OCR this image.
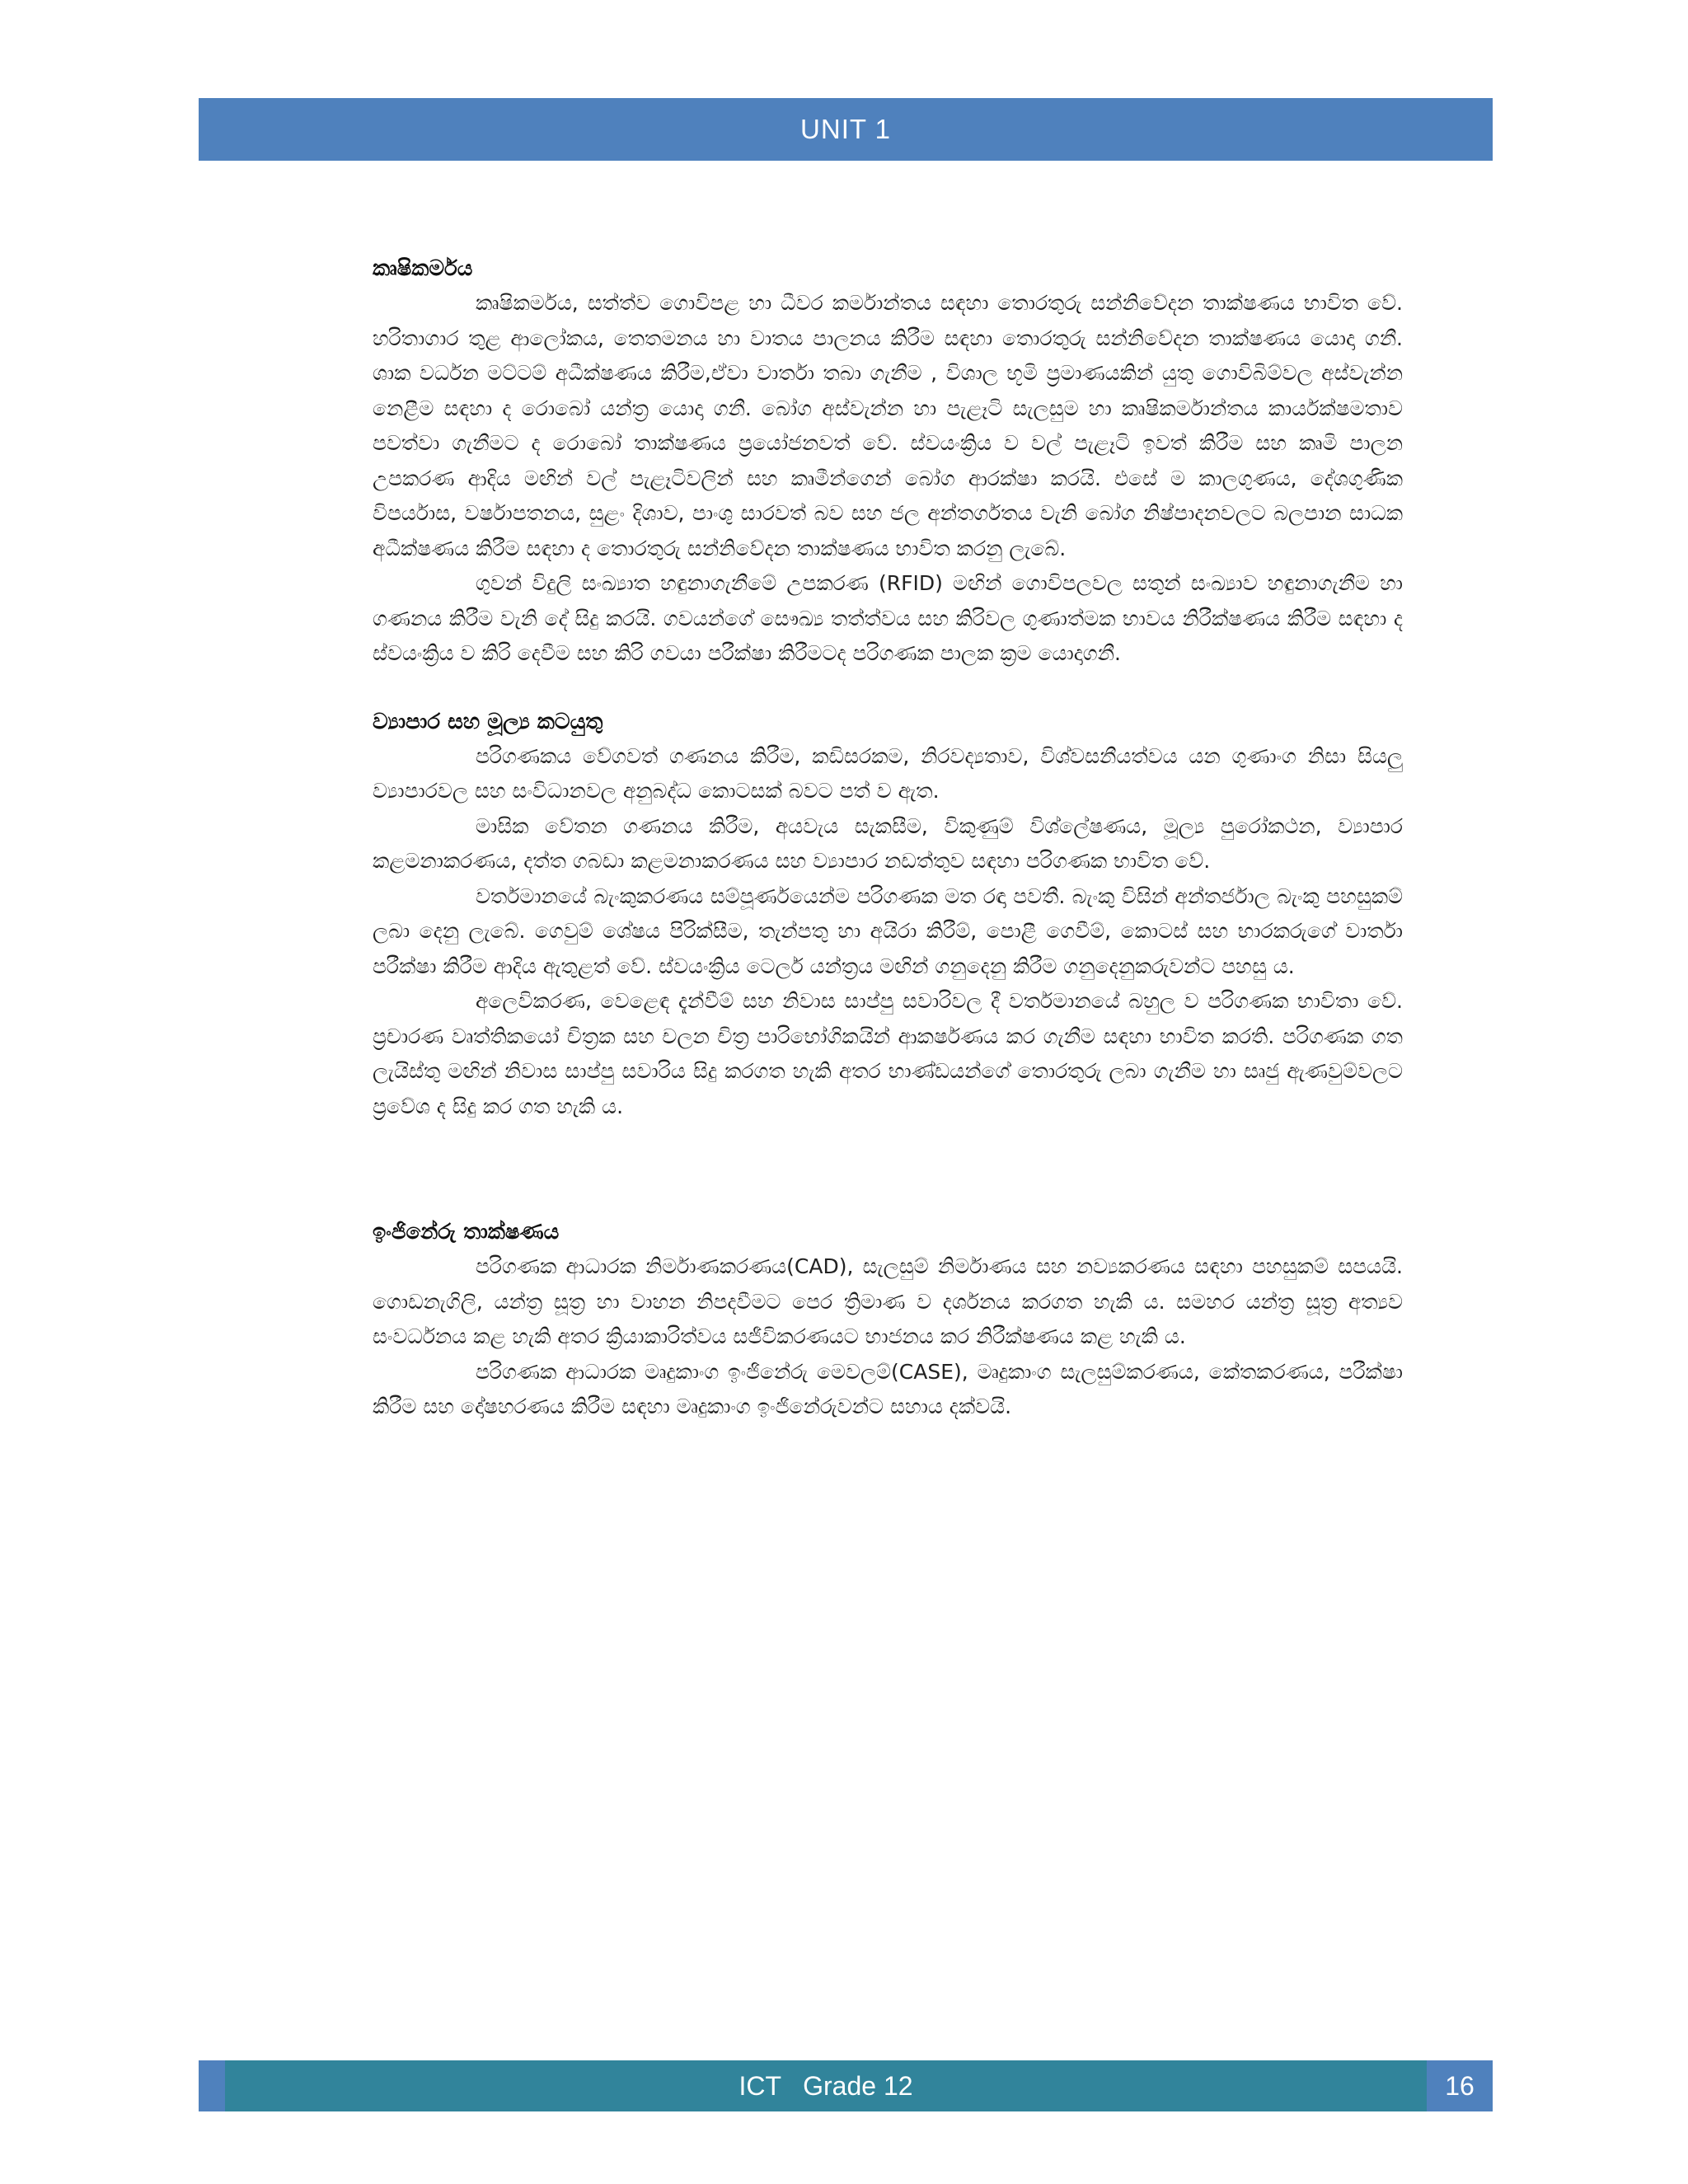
UNIT 1
කෘෂිකර්මය

කෘෂිකර්මය, සත්ත්ව ගොවිපළ හා ධීවර කර්මාන්තය සඳහා තොරතුරු සන්නිවේදන තාක්ෂණය භාවිත වේ. හරිතාගාර තුළ ආලෝකය, තෙතමනය හා වාතය පාලනය කිරීම සඳහා තොරතුරු සන්නිවේදන තාක්ෂණය යොදා ගනී. ශාක වර්ධන මට්ටම් අධීක්ෂණය කිරීම,ඒවා වාර්තා තබා ගැනීම , විශාල භූමි ප්‍රමාණයකින් යුතු ගොවිබිම්වල අස්වැන්න නෙළීම සඳහා ද රොබෝ යන්ත්‍ර යොදා ගනී. බෝග අස්වැන්න හා පැළෑටි සැලසුම හා කෘෂිකර්මාන්තය කාර්යක්ෂමතාව පවත්වා ගැනීමට ද රොබෝ තාක්ෂණය ප්‍රයෝජනවත් වේ. ස්වයංක්‍රිය ව වල් පැළෑටි ඉවත් කිරීම සහ කෘමි පාලන උපකරණ ආදිය මඟින් වල් පැළෑටිවලින් සහ කෘමීන්ගෙන් බෝග ආරක්ෂා කරයි. එසේ ම කාලගුණය, දේශගුණික විපර්යාස, වර්ෂාපතනය, සුළං දිශාව, පාංශු සාරවත් බව සහ ජල අන්තර්ගතය වැනි බෝග නිෂ්පාදනවලට බලපාන සාධක අධීක්ෂණය කිරීම සඳහා ද තොරතුරු සන්නිවේදන තාක්ෂණය භාවිත කරනු ලැබේ.

ගුවන් විදුලි සංඛ්‍යාත හඳුනාගැනීමේ උපකරණ (RFID) මඟින් ගොවිපලවල සතුන් සංඛ්‍යාව හඳුනාගැනීම හා ගණනය කිරීම වැනි දේ සිදු කරයි. ගවයන්ගේ සෞඛ්‍ය තත්ත්වය සහ කිරිවල ගුණාත්මක භාවය නිරීක්ෂණය කිරීම සඳහා ද ස්වයංක්‍රිය ව කිරි දෙවීම සහ කිරි ගවයා පරීක්ෂා කිරීමටද පරිගණක පාලක ක්‍රම යොදාගනී.

ව්‍යාපාර සහ මූල්‍ය කටයුතු

පරිගණකය වේගවත් ගණනය කිරීම, කඩිසරකම, නිරවද්‍යතාව, විශ්වසනීයත්වය යන ගුණාංග නිසා සියලු ව්‍යාපාරවල සහ සංවිධානවල අනුබද්ධ කොටසක් බවට පත් ව ඇත.

මාසික වේතන ගණනය කිරීම, අයවැය සැකසීම, විකුණුම් විශ්ලේෂණය, මූල්‍ය පුරෝකථන, ව්‍යාපාර කළමනාකරණය, දත්ත ගබඩා කළමනාකරණය සහ ව්‍යාපාර නඩත්තුව සඳහා පරිගණක භාවිත වේ.

වර්තමානයේ බැංකුකරණය සම්පූර්ණයෙන්ම පරිගණක මත රඳා පවතී. බැංකු විසින් අන්තර්ජාල බැංකු පහසුකම් ලබා දෙනු ලැබේ. ගෙවුම් ශේෂය පිරික්සීම, තැන්පතු හා අයිරා කිරීම්, පොළී ගෙවීම්, කොටස් සහ භාරකරුගේ වාර්තා පරීක්ෂා කිරීම ආදිය ඇතුළත් වේ. ස්වයංක්‍රිය ටෙලර් යන්ත්‍රය මඟින් ගනුදෙනු කිරීම ගනුදෙනුකරුවන්ට පහසු ය.

අලෙවිකරණ, වෙළෙඳ දැන්වීම් සහ නිවාස සාප්පු සවාරිවල දී වර්තමානයේ බහුල ව පරිගණක භාවිතා වේ. ප්‍රචාරණ වෘත්තිකයෝ චිත්‍රක සහ චලන චිත්‍ර පාරිභෝගිකයින් ආකර්ෂණය කර ගැනීම සඳහා භාවිත කරති. පරිගණක ගත ලැයිස්තු මඟින් නිවාස සාප්පු සවාරිය සිදු කරගත හැකි අතර භාණ්ඩයන්ගේ තොරතුරු ලබා ගැනීම හා සෘජු ඇණවුම්වලට ප්‍රවේශ ද සිදු කර ගත හැකි ය.

ඉංජිනේරු තාක්ෂණය

පරිගණක ආධාරක නිර්මාණකරණය(CAD), සැලසුම් නිර්මාණය සහ නව්‍යකරණය සඳහා පහසුකම් සපයයි. ගොඩනැගිලි, යන්ත්‍ර සූත්‍ර හා වාහන නිපදවීමට පෙර ත්‍රිමාණ ව දර්ශනය කරගත හැකි ය. සමහර යන්ත්‍ර සූත්‍ර අත්‍යව සංවර්ධනය කළ හැකි අතර ක්‍රියාකාරිත්වය සජීවිකරණයට භාජනය කර නිරීක්ෂණය කළ හැකි ය.

පරිගණක ආධාරක මෘදුකාංග ඉංජිනේරු මෙවලම්(CASE), මෘදුකාංග සැලසුම්කරණය, කේතකරණය, පරීක්ෂා කිරීම සහ දෝෂහරණය කිරීම සඳහා මෘදුකාංග ඉංජිනේරුවන්ට සහාය දක්වයි.

ICT   Grade 12	16
